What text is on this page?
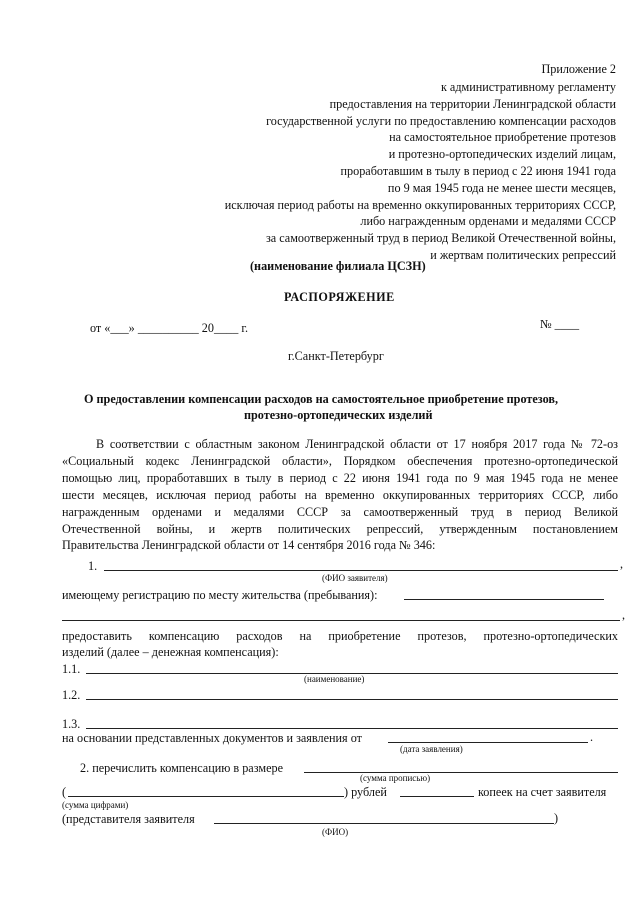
Приложение 2
к административному регламенту
предоставления на территории Ленинградской области
государственной услуги по предоставлению компенсации расходов
на самостоятельное приобретение протезов
и протезно-ортопедических изделий лицам,
проработавшим в тылу в период с 22 июня 1941 года
по 9 мая 1945 года не менее шести месяцев,
исключая период работы на временно оккупированных территориях СССР,
либо награжденным орденами и медалями СССР
за самоотверженный труд в период Великой Отечественной войны,
и жертвам политических репрессий
(наименование филиала ЦСЗН)
РАСПОРЯЖЕНИЕ
от «___» __________ 20____ г.	№ ____
г.Санкт-Петербург
О предоставлении компенсации расходов на самостоятельное приобретение протезов,
протезно-ортопедических изделий
В соответствии с областным законом Ленинградской области от 17 ноября 2017 года № 72-оз
«Социальный кодекс Ленинградской области», Порядком обеспечения протезно-ортопедической
помощью лиц, проработавших в тылу в период с 22 июня 1941 года по 9 мая 1945 года не менее
шести месяцев, исключая период работы на временно оккупированных территориях СССР, либо
награжденным орденами и медалями СССР за самоотверженный труд в период Великой
Отечественной войны, и жертв политических репрессий, утвержденным постановлением
Правительства Ленинградской области от 14 сентября 2016 года № 346:
1.	,
(ФИО заявителя)
имеющему регистрацию по месту жительства (пребывания):
,
предоставить компенсацию расходов на приобретение протезов, протезно-ортопедических
изделий (далее – денежная компенсация):
1.1.
(наименование)
1.2.
1.3.
на основании представленных документов и заявления от	.
(дата заявления)
2. перечислить компенсацию в размере
(сумма прописью)
(	) рублей	копеек на счет заявителя
(сумма цифрами)
(представителя заявителя	)
(ФИО)
